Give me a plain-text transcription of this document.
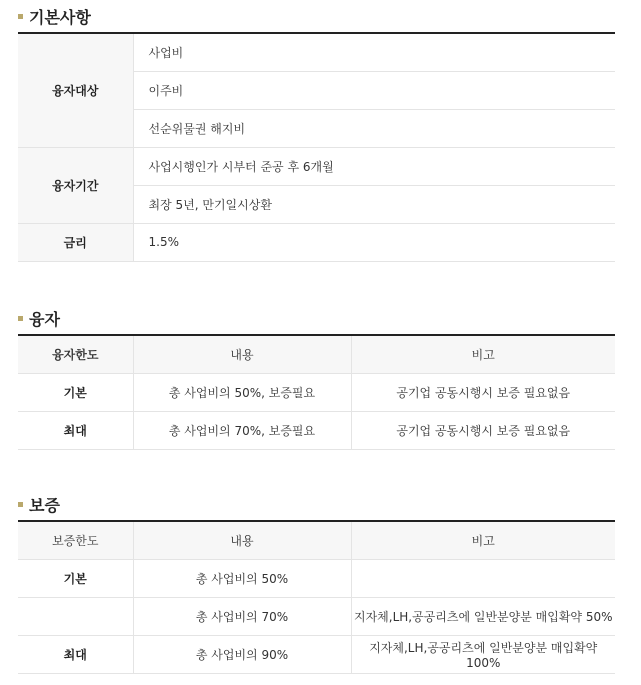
기본사항
융자대상	사업비
	이주비
	선순위물권 해지비
융자기간	사업시행인가 시부터 준공 후 6개월
	최장 5년, 만기일시상환
금리	1.5%
융자
융자한도	내용	비고
기본	총 사업비의 50%, 보증필요	공기업 공동시행시 보증 필요없음
최대	총 사업비의 70%, 보증필요	공기업 공동시행시 보증 필요없음
보증
보증한도	내용	비고
기본	총 사업비의 50%	
	총 사업비의 70%	지자체,LH,공공리츠에 일반분양분 매입확약 50%
최대	총 사업비의 90%	지자체,LH,공공리츠에 일반분양분 매입확약 100%
